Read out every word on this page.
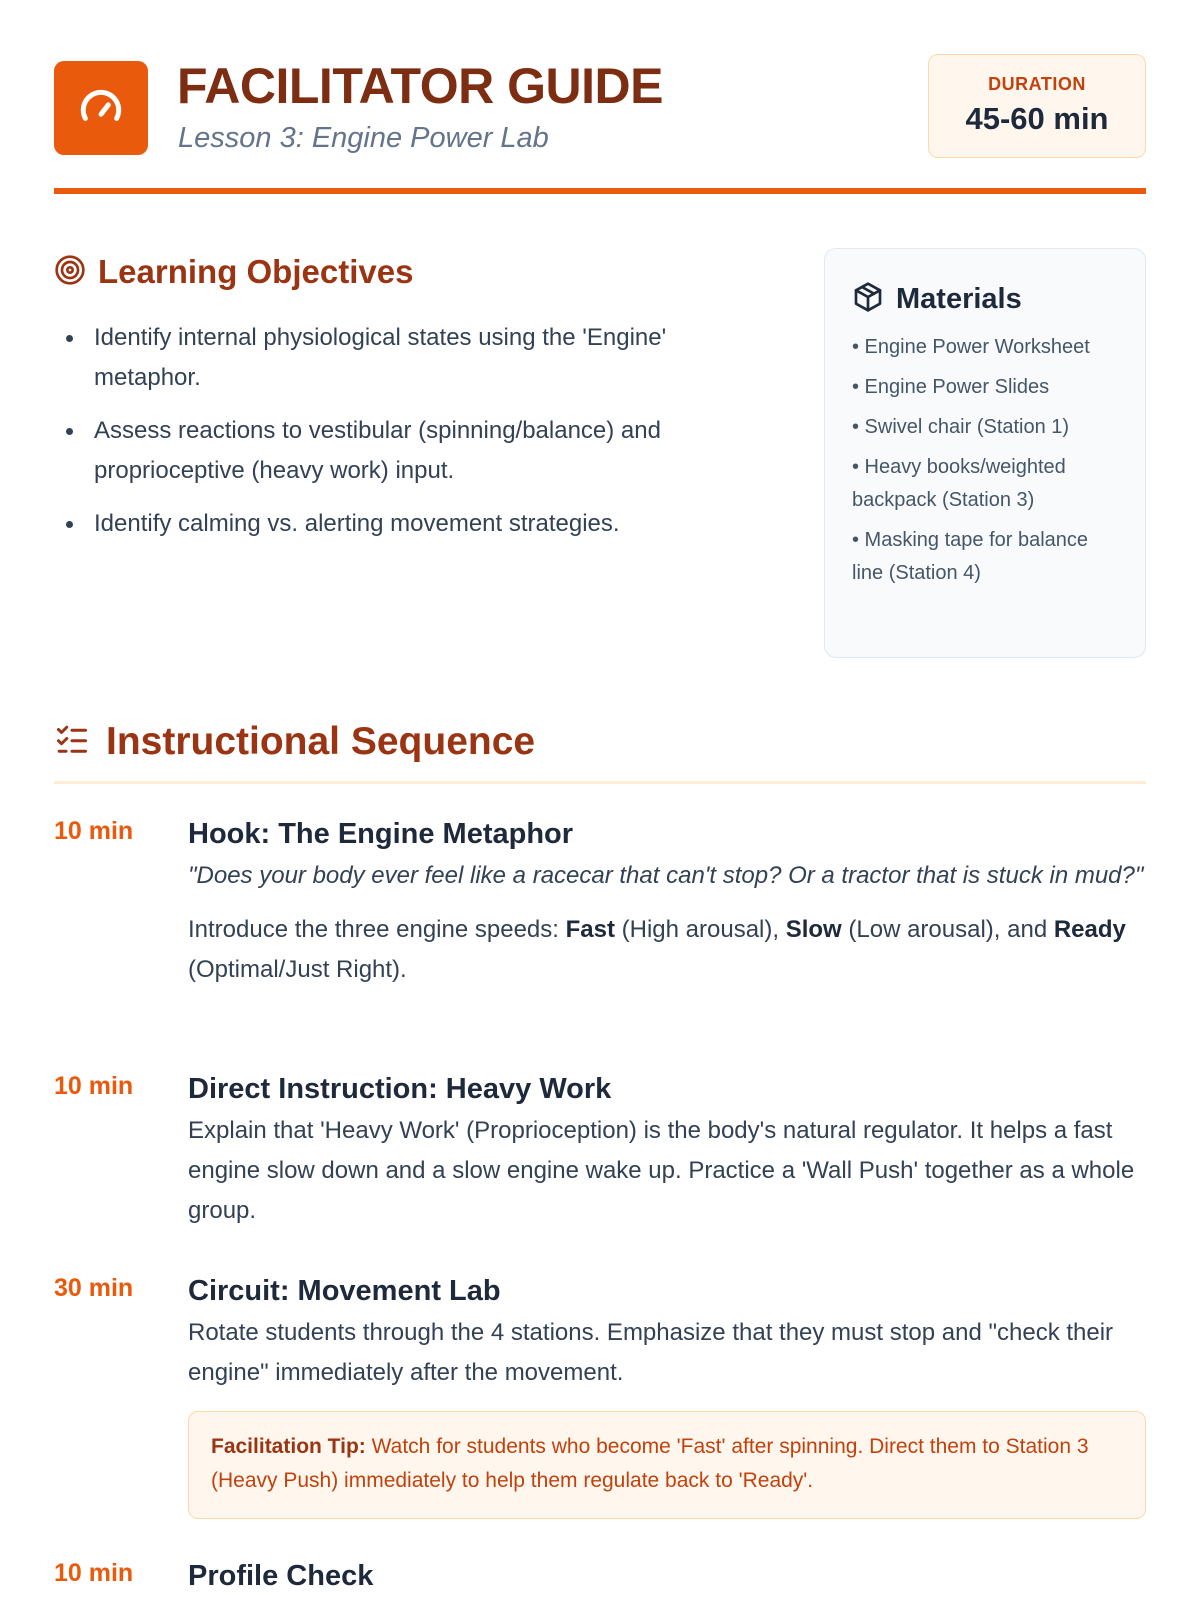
FACILITATOR GUIDE
Lesson 3: Engine Power Lab
DURATION
45-60 min
Learning Objectives
Identify internal physiological states using the 'Engine' metaphor.
Assess reactions to vestibular (spinning/balance) and proprioceptive (heavy work) input.
Identify calming vs. alerting movement strategies.
Materials
• Engine Power Worksheet
• Engine Power Slides
• Swivel chair (Station 1)
• Heavy books/weighted backpack (Station 3)
• Masking tape for balance line (Station 4)
Instructional Sequence
10 min Hook: The Engine Metaphor
"Does your body ever feel like a racecar that can't stop? Or a tractor that is stuck in mud?"
Introduce the three engine speeds: Fast (High arousal), Slow (Low arousal), and Ready (Optimal/Just Right).
10 min Direct Instruction: Heavy Work
Explain that 'Heavy Work' (Proprioception) is the body's natural regulator. It helps a fast engine slow down and a slow engine wake up. Practice a 'Wall Push' together as a whole group.
30 min Circuit: Movement Lab
Rotate students through the 4 stations. Emphasize that they must stop and "check their engine" immediately after the movement.
Facilitation Tip: Watch for students who become 'Fast' after spinning. Direct them to Station 3 (Heavy Push) immediately to help them regulate back to 'Ready'.
10 min Profile Check
